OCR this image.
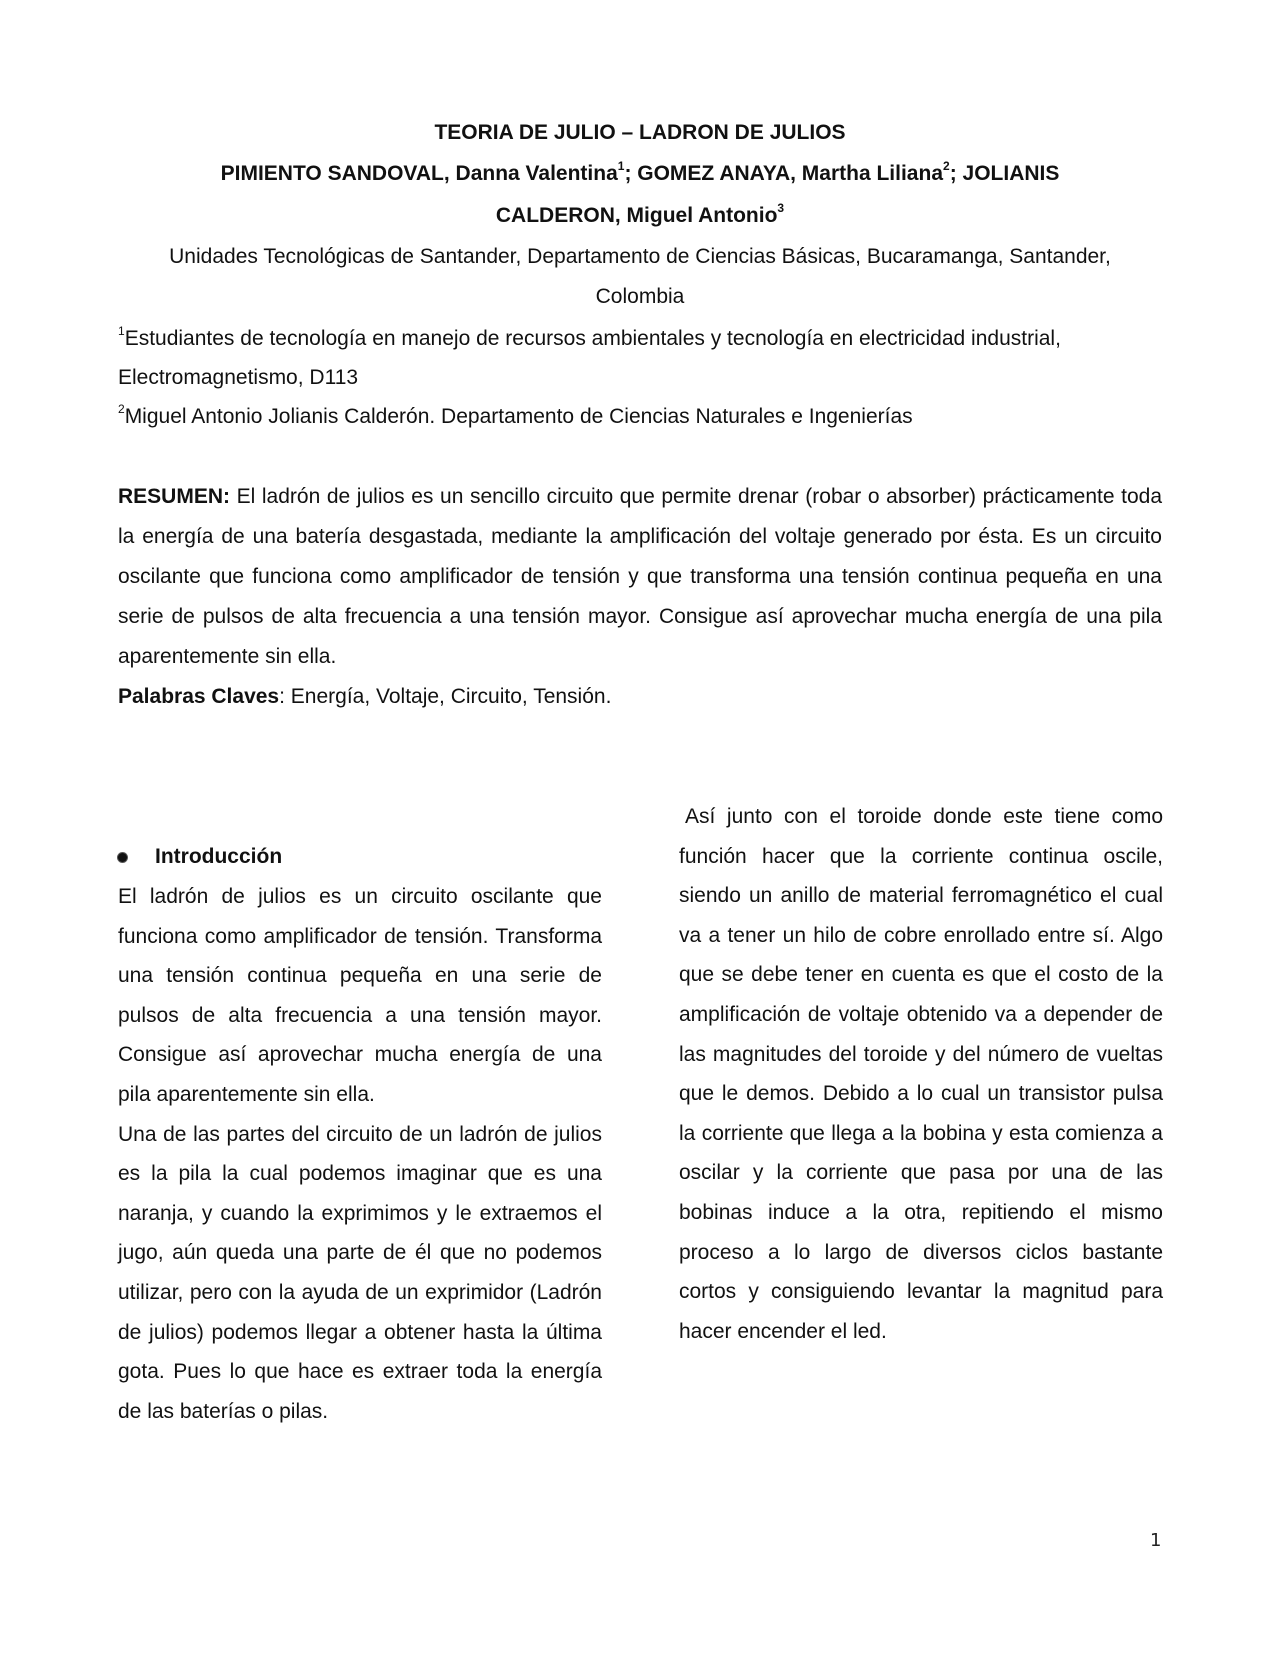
TEORIA DE JULIO – LADRON DE JULIOS

PIMIENTO SANDOVAL, Danna Valentina$^1$; GOMEZ ANAYA, Martha Liliana$^2$; JOLIANIS
CALDERON, Miguel Antonio$^3$

Unidades Tecnológicas de Santander, Departamento de Ciencias Básicas, Bucaramanga, Santander,

Colombia

$^1$Estudiantes de tecnología en manejo de recursos ambientales y tecnología en electricidad industrial, Electromagnetismo, D113

$^2$Miguel Antonio Jolianis Calderón. Departamento de Ciencias Naturales e Ingenierías

RESUMEN: El ladrón de julios es un sencillo circuito que permite drenar (robar o absorber) prácticamente toda la energía de una batería desgastada, mediante la amplificación del voltaje generado por ésta. Es un circuito oscilante que funciona como amplificador de tensión y que transforma una tensión continua pequeña en una serie de pulsos de alta frecuencia a una tensión mayor. Consigue así aprovechar mucha energía de una pila aparentemente sin ella.

Palabras Claves: Energía, Voltaje, Circuito, Tensión.

Introducción

El ladrón de julios es un circuito oscilante que funciona como amplificador de tensión. Transforma una tensión continua pequeña en una serie de pulsos de alta frecuencia a una tensión mayor. Consigue así aprovechar mucha energía de una pila aparentemente sin ella.

Una de las partes del circuito de un ladrón de julios es la pila la cual podemos imaginar que es una naranja, y cuando la exprimimos y le extraemos el jugo, aún queda una parte de él que no podemos utilizar, pero con la ayuda de un exprimidor (Ladrón de julios) podemos llegar a obtener hasta la última gota. Pues lo que hace es extraer toda la energía de las baterías o pilas.

Así junto con el toroide donde este tiene como función hacer que la corriente continua oscile, siendo un anillo de material ferromagnético el cual va a tener un hilo de cobre enrollado entre sí. Algo que se debe tener en cuenta es que el costo de la amplificación de voltaje obtenido va a depender de las magnitudes del toroide y del número de vueltas que le demos. Debido a lo cual un transistor pulsa la corriente que llega a la bobina y esta comienza a oscilar y la corriente que pasa por una de las bobinas induce a la otra, repitiendo el mismo proceso a lo largo de diversos ciclos bastante cortos y consiguiendo levantar la magnitud para hacer encender el led.

1
